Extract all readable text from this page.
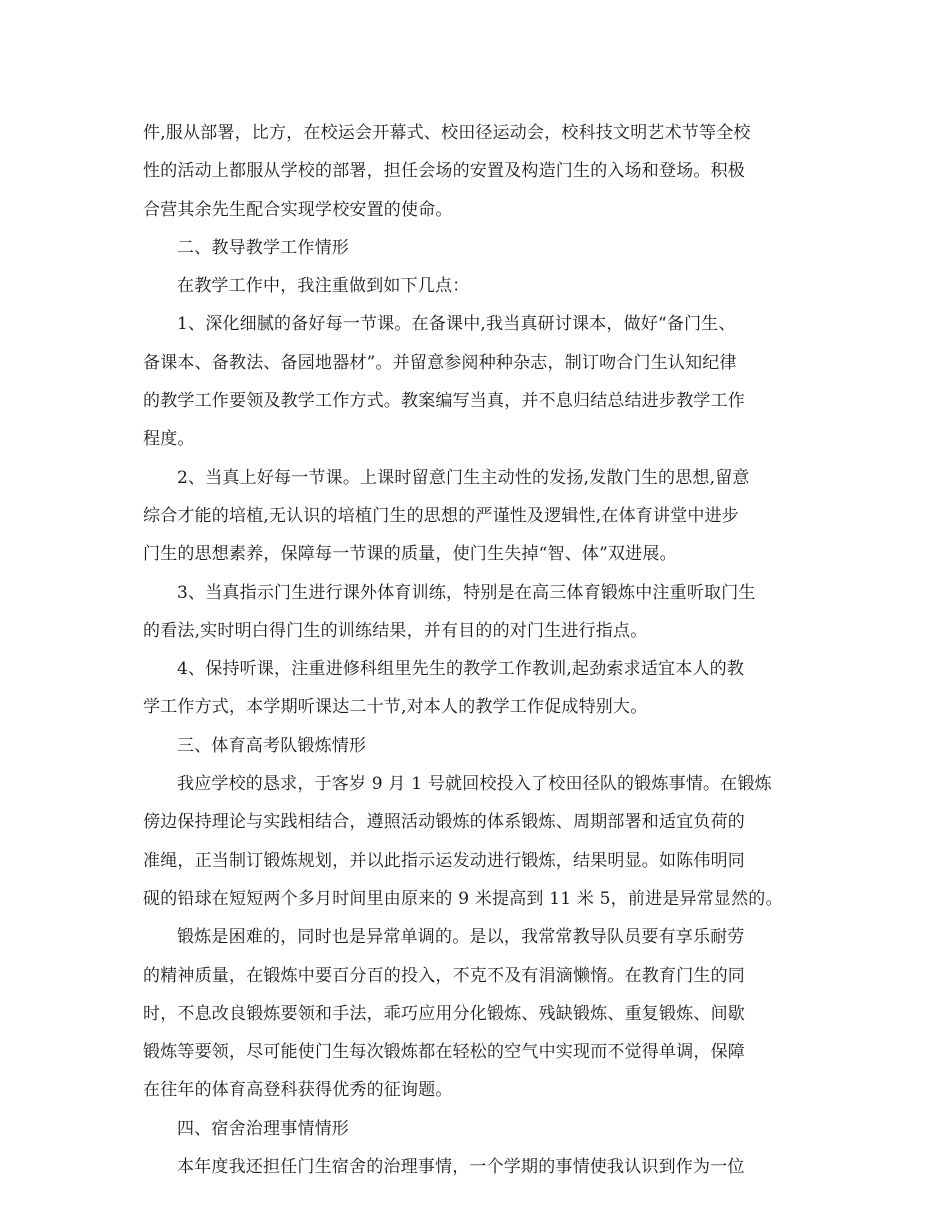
件,服从部署，比方，在校运会开幕式、校田径运动会，校科技文明艺术节等全校
性的活动上都服从学校的部署，担任会场的安置及构造门生的入场和登场。积极
合营其余先生配合实现学校安置的使命。
二、教导教学工作情形
在教学工作中，我注重做到如下几点：
1、深化细腻的备好每一节课。在备课中,我当真研讨课本，做好“备门生、
备课本、备教法、备园地器材”。并留意参阅种种杂志，制订吻合门生认知纪律
的教学工作要领及教学工作方式。教案编写当真，并不息归结总结进步教学工作
程度。
2、当真上好每一节课。上课时留意门生主动性的发扬,发散门生的思想,留意
综合才能的培植,无认识的培植门生的思想的严谨性及逻辑性,在体育讲堂中进步
门生的思想素养，保障每一节课的质量，使门生失掉“智、体”双进展。
3、当真指示门生进行课外体育训练，特别是在高三体育锻炼中注重听取门生
的看法,实时明白得门生的训练结果，并有目的的对门生进行指点。
4、保持听课，注重进修科组里先生的教学工作教训,起劲索求适宜本人的教
学工作方式，本学期听课达二十节,对本人的教学工作促成特别大。
三、体育高考队锻炼情形
我应学校的恳求，于客岁 9 月 1 号就回校投入了校田径队的锻炼事情。在锻炼
傍边保持理论与实践相结合，遵照活动锻炼的体系锻炼、周期部署和适宜负荷的
准绳，正当制订锻炼规划，并以此指示运发动进行锻炼，结果明显。如陈伟明同
砚的铅球在短短两个多月时间里由原来的 9 米提高到 11 米 5，前进是异常显然的。
锻炼是困难的，同时也是异常单调的。是以，我常常教导队员要有享乐耐劳
的精神质量，在锻炼中要百分百的投入，不克不及有涓滴懒惰。在教育门生的同
时，不息改良锻炼要领和手法，乖巧应用分化锻炼、残缺锻炼、重复锻炼、间歇
锻炼等要领，尽可能使门生每次锻炼都在轻松的空气中实现而不觉得单调，保障
在往年的体育高登科获得优秀的征询题。
四、宿舍治理事情情形
本年度我还担任门生宿舍的治理事情，一个学期的事情使我认识到作为一位
